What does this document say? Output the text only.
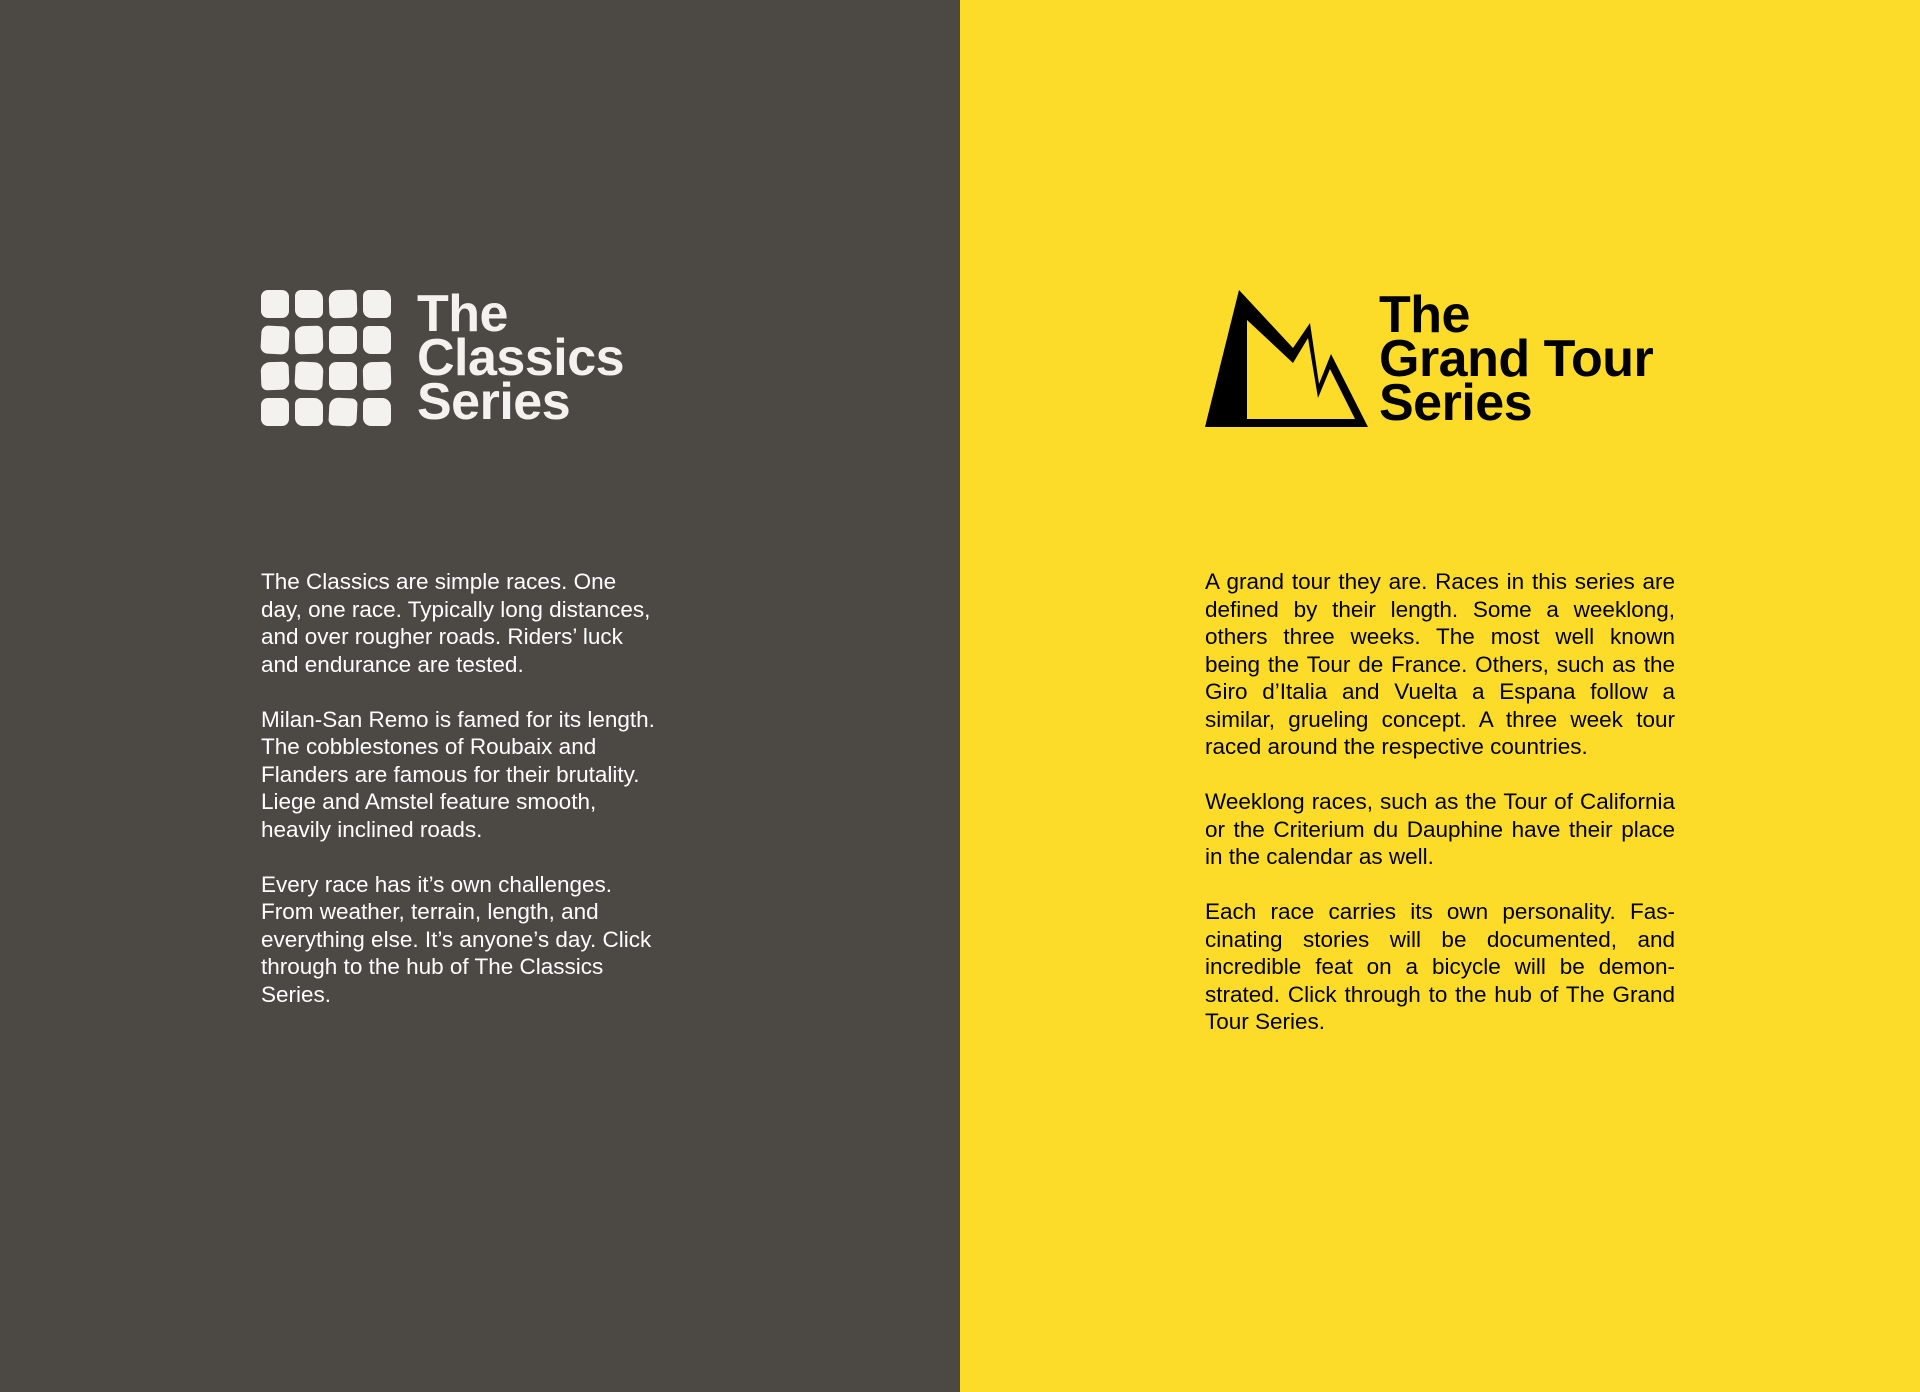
The
Classics
Series

The Classics are simple races. One day, one race. Typically long distances, and over rougher roads. Riders’ luck and endurance are tested.

Milan-San Remo is famed for its length. The cobblestones of Roubaix and Flanders are famous for their brutality. Liege and Amstel feature smooth, heavily inclined roads.

Every race has it’s own challenges. From weather, terrain, length, and everything else. It’s anyone’s day. Click through to the hub of The Classics Series.

The
Grand Tour
Series

A grand tour they are. Races in this series are defined by their length. Some a weeklong, others three weeks. The most well known being the Tour de France. Others, such as the Giro d’Italia and Vuelta a Espana follow a similar, grueling concept. A three week tour raced around the respective countries.

Weeklong races, such as the Tour of California or the Criterium du Dauphine have their place in the calendar as well.

Each race carries its own personality. Fascinating stories will be documented, and incredible feat on a bicycle will be demonstrated. Click through to the hub of The Grand Tour Series.
